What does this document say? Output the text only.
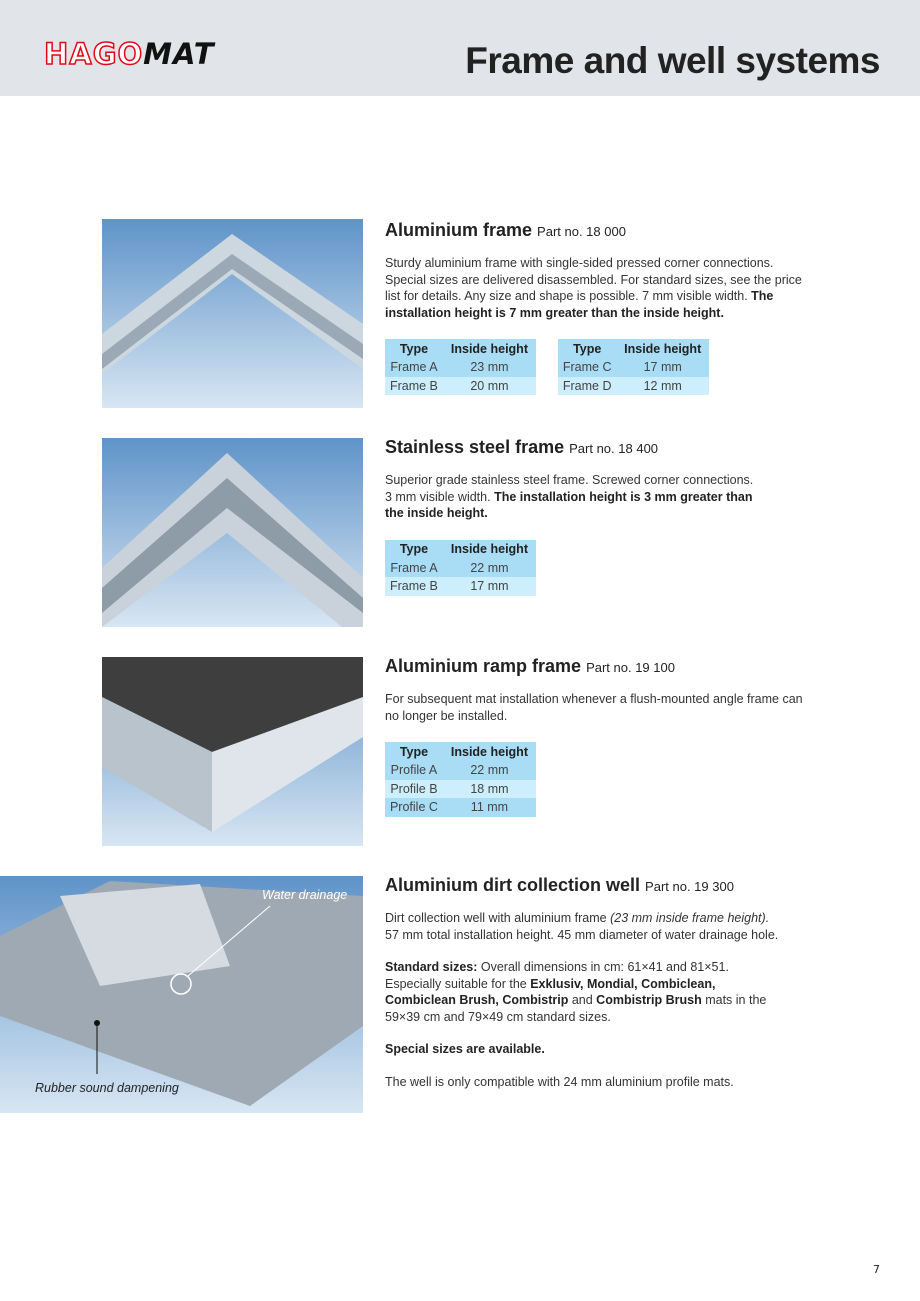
HAGOMAT	Frame and well systems
Water drainage
Rubber sound dampening
Aluminium frame Part no. 18 000

Sturdy aluminium frame with single-sided pressed corner connections. Special sizes are delivered disassembled. For standard sizes, see the price list for details. Any size and shape is possible. 7 mm visible width. The installation height is 7 mm greater than the inside height.

Type	Inside height
Frame A	23 mm
Frame B	20 mm
Type	Inside height
Frame C	17 mm
Frame D	12 mm
Stainless steel frame Part no. 18 400

Superior grade stainless steel frame. Screwed corner connections. 3 mm visible width. The installation height is 3 mm greater than the inside height.

Type	Inside height
Frame A	22 mm
Frame B	17 mm
Aluminium ramp frame Part no. 19 100

For subsequent mat installation whenever a flush-mounted angle frame can no longer be installed.

Type	Inside height
Profile A	22 mm
Profile B	18 mm
Profile C	11 mm
Aluminium dirt collection well Part no. 19 300

Dirt collection well with aluminium frame (23 mm inside frame height). 57 mm total installation height. 45 mm diameter of water drainage hole.

Standard sizes: Overall dimensions in cm: 61×41 and 81×51. Especially suitable for the Exklusiv, Mondial, Combiclean, Combiclean Brush, Combistrip and Combistrip Brush mats in the 59×39 cm and 79×49 cm standard sizes.

Special sizes are available.

The well is only compatible with 24 mm aluminium profile mats.

7
